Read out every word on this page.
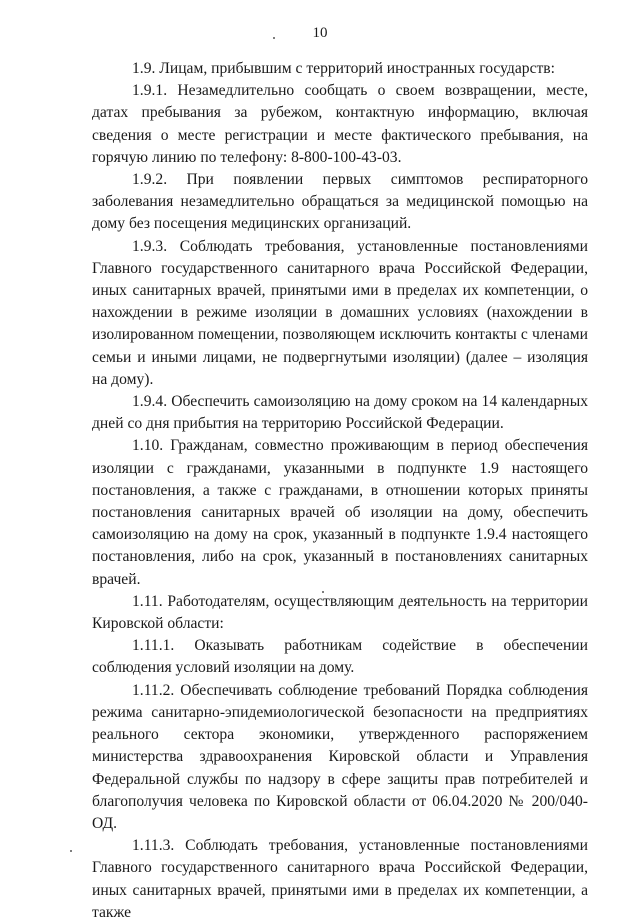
10

1.9. Лицам, прибывшим с территорий иностранных государств:

1.9.1. Незамедлительно сообщать о своем возвращении, месте, датах пребывания за рубежом, контактную информацию, включая сведения о месте регистрации и месте фактического пребывания, на горячую линию по телефону: 8-800-100-43-03.

1.9.2. При появлении первых симптомов респираторного заболевания незамедлительно обращаться за медицинской помощью на дому без посещения медицинских организаций.

1.9.3. Соблюдать требования, установленные постановлениями Главного государственного санитарного врача Российской Федерации, иных санитарных врачей, принятыми ими в пределах их компетенции, о нахождении в режиме изоляции в домашних условиях (нахождении в изолированном помещении, позволяющем исключить контакты с членами семьи и иными лицами, не подвергнутыми изоляции) (далее – изоляция на дому).

1.9.4. Обеспечить самоизоляцию на дому сроком на 14 календарных дней со дня прибытия на территорию Российской Федерации.

1.10. Гражданам, совместно проживающим в период обеспечения изоляции с гражданами, указанными в подпункте 1.9 настоящего постановления, а также с гражданами, в отношении которых приняты постановления санитарных врачей об изоляции на дому, обеспечить самоизоляцию на дому на срок, указанный в подпункте 1.9.4 настоящего постановления, либо на срок, указанный в постановлениях санитарных врачей.

1.11. Работодателям, осуществляющим деятельность на территории Кировской области:

1.11.1. Оказывать работникам содействие в обеспечении соблюдения условий изоляции на дому.

1.11.2. Обеспечивать соблюдение требований Порядка соблюдения режима санитарно-эпидемиологической безопасности на предприятиях реального сектора экономики, утвержденного распоряжением министерства здравоохранения Кировской области и Управления Федеральной службы по надзору в сфере защиты прав потребителей и благополучия человека по Кировской области от 06.04.2020 № 200/040-ОД.

1.11.3. Соблюдать требования, установленные постановлениями Главного государственного санитарного врача Российской Федерации, иных санитарных врачей, принятыми ими в пределах их компетенции, а также
